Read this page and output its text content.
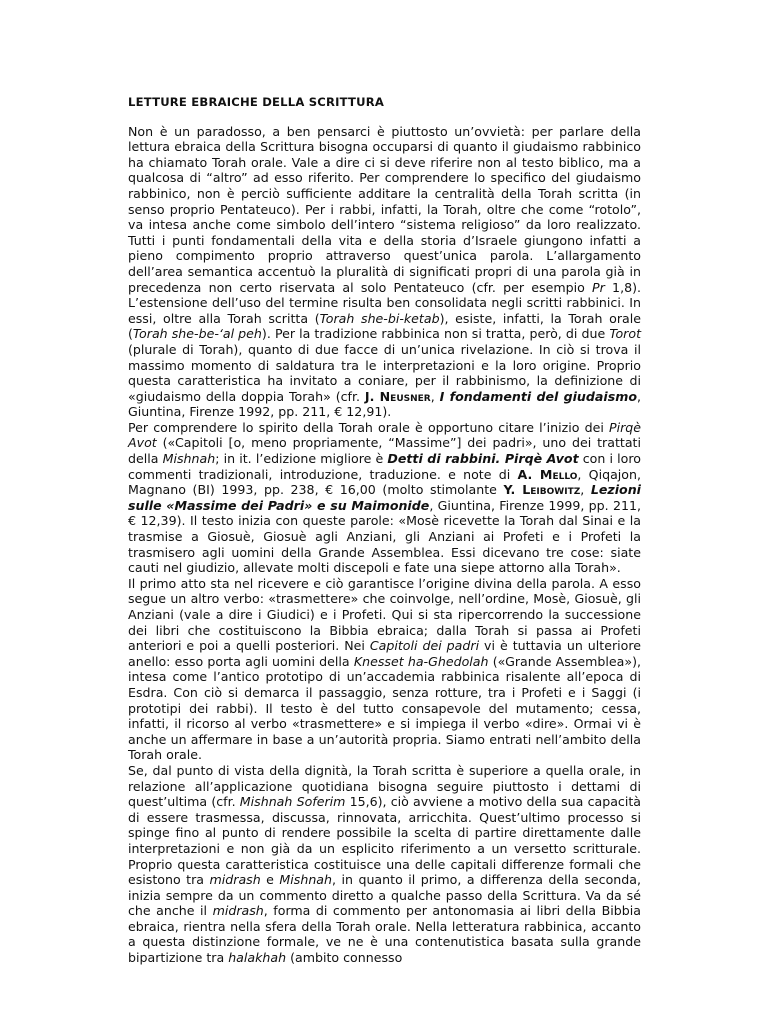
LETTURE EBRAICHE DELLA SCRITTURA

Non è un paradosso, a ben pensarci è piuttosto un’ovvietà: per parlare della lettura ebraica della Scrittura bisogna occuparsi di quanto il giudaismo rabbinico ha chiamato Torah orale. Vale a dire ci si deve riferire non al testo biblico, ma a qualcosa di “altro” ad esso riferito. Per comprendere lo specifico del giudaismo rabbinico, non è perciò sufficiente additare la centralità della Torah scritta (in senso proprio Pentateuco). Per i rabbi, infatti, la Torah, oltre che come “rotolo”, va intesa anche come simbolo dell’intero “sistema religioso” da loro realizzato. Tutti i punti fondamentali della vita e della storia d’Israele giungono infatti a pieno compimento proprio attraverso quest’unica parola. L’allargamento dell’area semantica accentuò la pluralità di significati propri di una parola già in precedenza non certo riservata al solo Pentateuco (cfr. per esempio Pr 1,8). L’estensione dell’uso del termine risulta ben consolidata negli scritti rabbinici. In essi, oltre alla Torah scritta (Torah she-bi-ketab), esiste, infatti, la Torah orale (Torah she-be-‘al peh). Per la tradizione rabbinica non si tratta, però, di due Torot (plurale di Torah), quanto di due facce di un’unica rivelazione. In ciò si trova il massimo momento di saldatura tra le interpretazioni e la loro origine. Proprio questa caratteristica ha invitato a coniare, per il rabbinismo, la definizione di «giudaismo della doppia Torah» (cfr. J. Neusner, I fondamenti del giudaismo, Giuntina, Firenze 1992, pp. 211, € 12,91).

Per comprendere lo spirito della Torah orale è opportuno citare l’inizio dei Pirqè Avot («Capitoli [o, meno propriamente, “Massime”] dei padri», uno dei trattati della Mishnah; in it. l’edizione migliore è Detti di rabbini. Pirqè Avot con i loro commenti tradizionali, introduzione, traduzione. e note di A. Mello, Qiqajon, Magnano (BI) 1993, pp. 238, € 16,00 (molto stimolante Y. Leibowitz, Lezioni sulle «Massime dei Padri» e su Maimonide, Giuntina, Firenze 1999, pp. 211, € 12,39). Il testo inizia con queste parole: «Mosè ricevette la Torah dal Sinai e la trasmise a Giosuè, Giosuè agli Anziani, gli Anziani ai Profeti e i Profeti la trasmisero agli uomini della Grande Assemblea. Essi dicevano tre cose: siate cauti nel giudizio, allevate molti discepoli e fate una siepe attorno alla Torah».

Il primo atto sta nel ricevere e ciò garantisce l’origine divina della parola. A esso segue un altro verbo: «trasmettere» che coinvolge, nell’ordine, Mosè, Giosuè, gli Anziani (vale a dire i Giudici) e i Profeti. Qui si sta ripercorrendo la successione dei libri che costituiscono la Bibbia ebraica; dalla Torah si passa ai Profeti anteriori e poi a quelli posteriori. Nei Capitoli dei padri vi è tuttavia un ulteriore anello: esso porta agli uomini della Knesset ha-Ghedolah («Grande Assemblea»), intesa come l’antico prototipo di un’accademia rabbinica risalente all’epoca di Esdra. Con ciò si demarca il passaggio, senza rotture, tra i Profeti e i Saggi (i prototipi dei rabbi). Il testo è del tutto consapevole del mutamento; cessa, infatti, il ricorso al verbo «trasmettere» e si impiega il verbo «dire». Ormai vi è anche un affermare in base a un’autorità propria. Siamo entrati nell’ambito della Torah orale.

Se, dal punto di vista della dignità, la Torah scritta è superiore a quella orale, in relazione all’applicazione quotidiana bisogna seguire piuttosto i dettami di quest’ultima (cfr. Mishnah Soferim 15,6), ciò avviene a motivo della sua capacità di essere trasmessa, discussa, rinnovata, arricchita. Quest’ultimo processo si spinge fino al punto di rendere possibile la scelta di partire direttamente dalle interpretazioni e non già da un esplicito riferimento a un versetto scritturale. Proprio questa caratteristica costituisce una delle capitali differenze formali che esistono tra midrash e Mishnah, in quanto il primo, a differenza della seconda, inizia sempre da un commento diretto a qualche passo della Scrittura. Va da sé che anche il midrash, forma di commento per antonomasia ai libri della Bibbia ebraica, rientra nella sfera della Torah orale. Nella letteratura rabbinica, accanto a questa distinzione formale, ve ne è una contenutistica basata sulla grande bipartizione tra halakhah (ambito connesso
